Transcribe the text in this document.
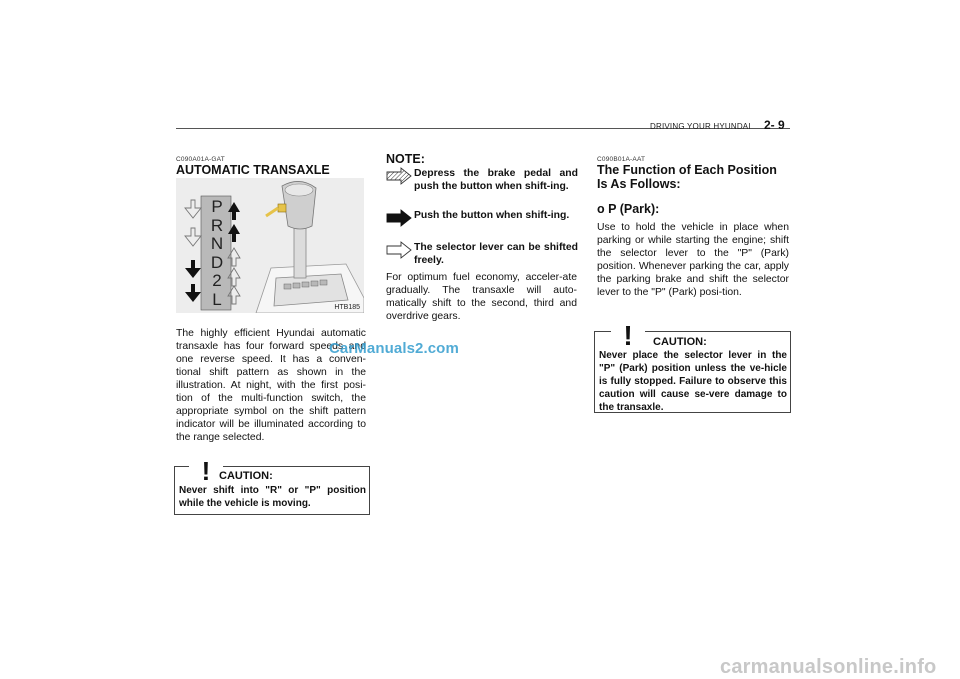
DRIVING YOUR HYUNDAI 2- 9
C090A01A-GAT
AUTOMATIC TRANSAXLE
P
R
N
D
2
L	HTB185
The highly efficient Hyundai automatic transaxle has four forward speeds and one reverse speed. It has a conven-tional shift pattern as shown in the illustration. At night, with the first posi-tion of the multi-function switch, the appropriate symbol on the shift pattern indicator will be illuminated according to the range selected.
! CAUTION:
Never shift into "R" or "P" position while the vehicle is moving.
NOTE:
Depress the brake pedal and push the button when shift-ing.
Push the button when shift-ing.
The selector lever can be shifted freely.
For optimum fuel economy, acceler-ate gradually. The transaxle will auto-matically shift to the second, third and overdrive gears.
C090B01A-AAT
The Function of Each Position Is As Follows:
o P (Park):
Use to hold the vehicle in place when parking or while starting the engine; shift the selector lever to the "P" (Park) position. Whenever parking the car, apply the parking brake and shift the selector lever to the "P" (Park) posi-tion.
! CAUTION:
Never place the selector lever in the "P" (Park) position unless the ve-hicle is fully stopped. Failure to observe this caution will cause se-vere damage to the transaxle.
CarManuals2.com
carmanualsonline.info
